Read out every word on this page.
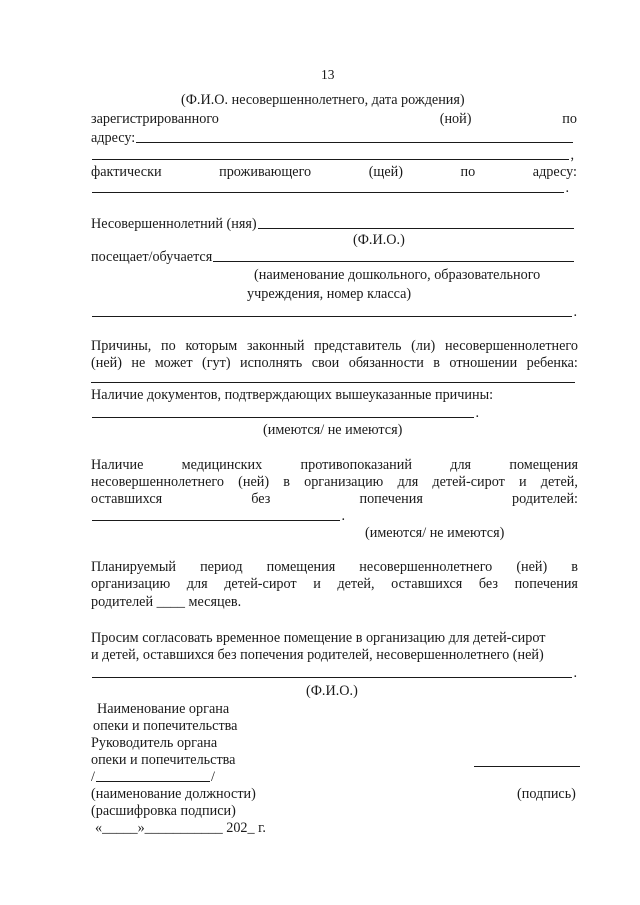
13
(Ф.И.О. несовершеннолетнего, дата рождения)
зарегистрированного	(ной)	по
адресу:
,
фактически	проживающего	(щей)	по	адресу:
.
Несовершеннолетний (няя)
(Ф.И.О.)
посещает/обучается
(наименование дошкольного, образовательного
учреждения, номер класса)
.
Причины, по которым законный представитель (ли) несовершеннолетнего
(ней) не может (гут) исполнять свои обязанности в отношении ребенка:
Наличие документов, подтверждающих вышеуказанные причины:
.
(имеются/ не имеются)
Наличие	медицинских	противопоказаний	для	помещения
несовершеннолетнего (ней) в организацию для детей-сирот и детей,
оставшихся	без	попечения	родителей:
.
(имеются/ не имеются)
Планируемый период помещения несовершеннолетнего (ней) в
организацию для детей-сирот и детей, оставшихся без попечения
родителей ____ месяцев.
Просим согласовать временное помещение в организацию для детей-сирот
и детей, оставшихся без попечения родителей, несовершеннолетнего (ней)
.
(Ф.И.О.)
Наименование органа
опеки и попечительства
Руководитель органа
опеки и попечительства
/	/
(наименование должности)	(подпись)
(расшифровка подписи)
«_____»___________ 202_ г.
